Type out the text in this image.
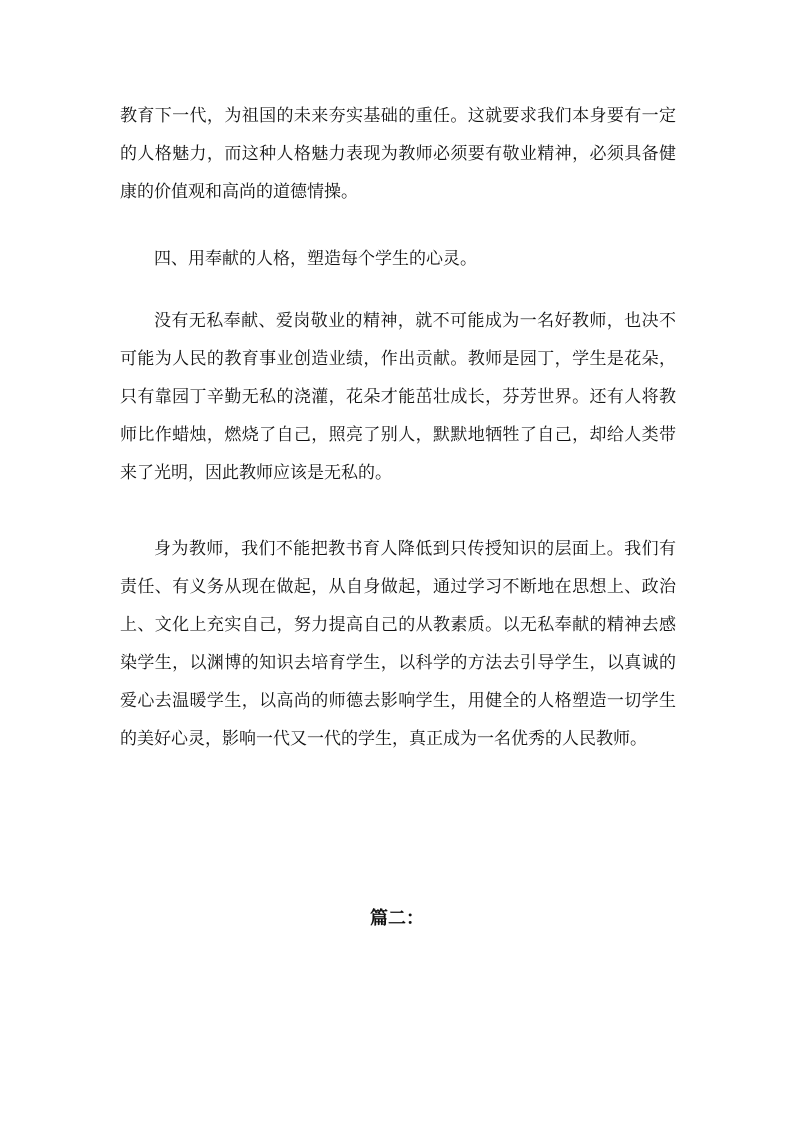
教育下一代，为祖国的未来夯实基础的重任。这就要求我们本身要有一定的人格魅力，而这种人格魅力表现为教师必须要有敬业精神，必须具备健康的价值观和高尚的道德情操。
四、用奉献的人格，塑造每个学生的心灵。
没有无私奉献、爱岗敬业的精神，就不可能成为一名好教师，也决不可能为人民的教育事业创造业绩，作出贡献。教师是园丁，学生是花朵，只有靠园丁辛勤无私的浇灌，花朵才能茁壮成长，芬芳世界。还有人将教师比作蜡烛，燃烧了自己，照亮了别人，默默地牺牲了自己，却给人类带来了光明，因此教师应该是无私的。
身为教师，我们不能把教书育人降低到只传授知识的层面上。我们有责任、有义务从现在做起，从自身做起，通过学习不断地在思想上、政治上、文化上充实自己，努力提高自己的从教素质。以无私奉献的精神去感染学生，以渊博的知识去培育学生，以科学的方法去引导学生，以真诚的爱心去温暖学生，以高尚的师德去影响学生，用健全的人格塑造一切学生的美好心灵，影响一代又一代的学生，真正成为一名优秀的人民教师。
篇二：
